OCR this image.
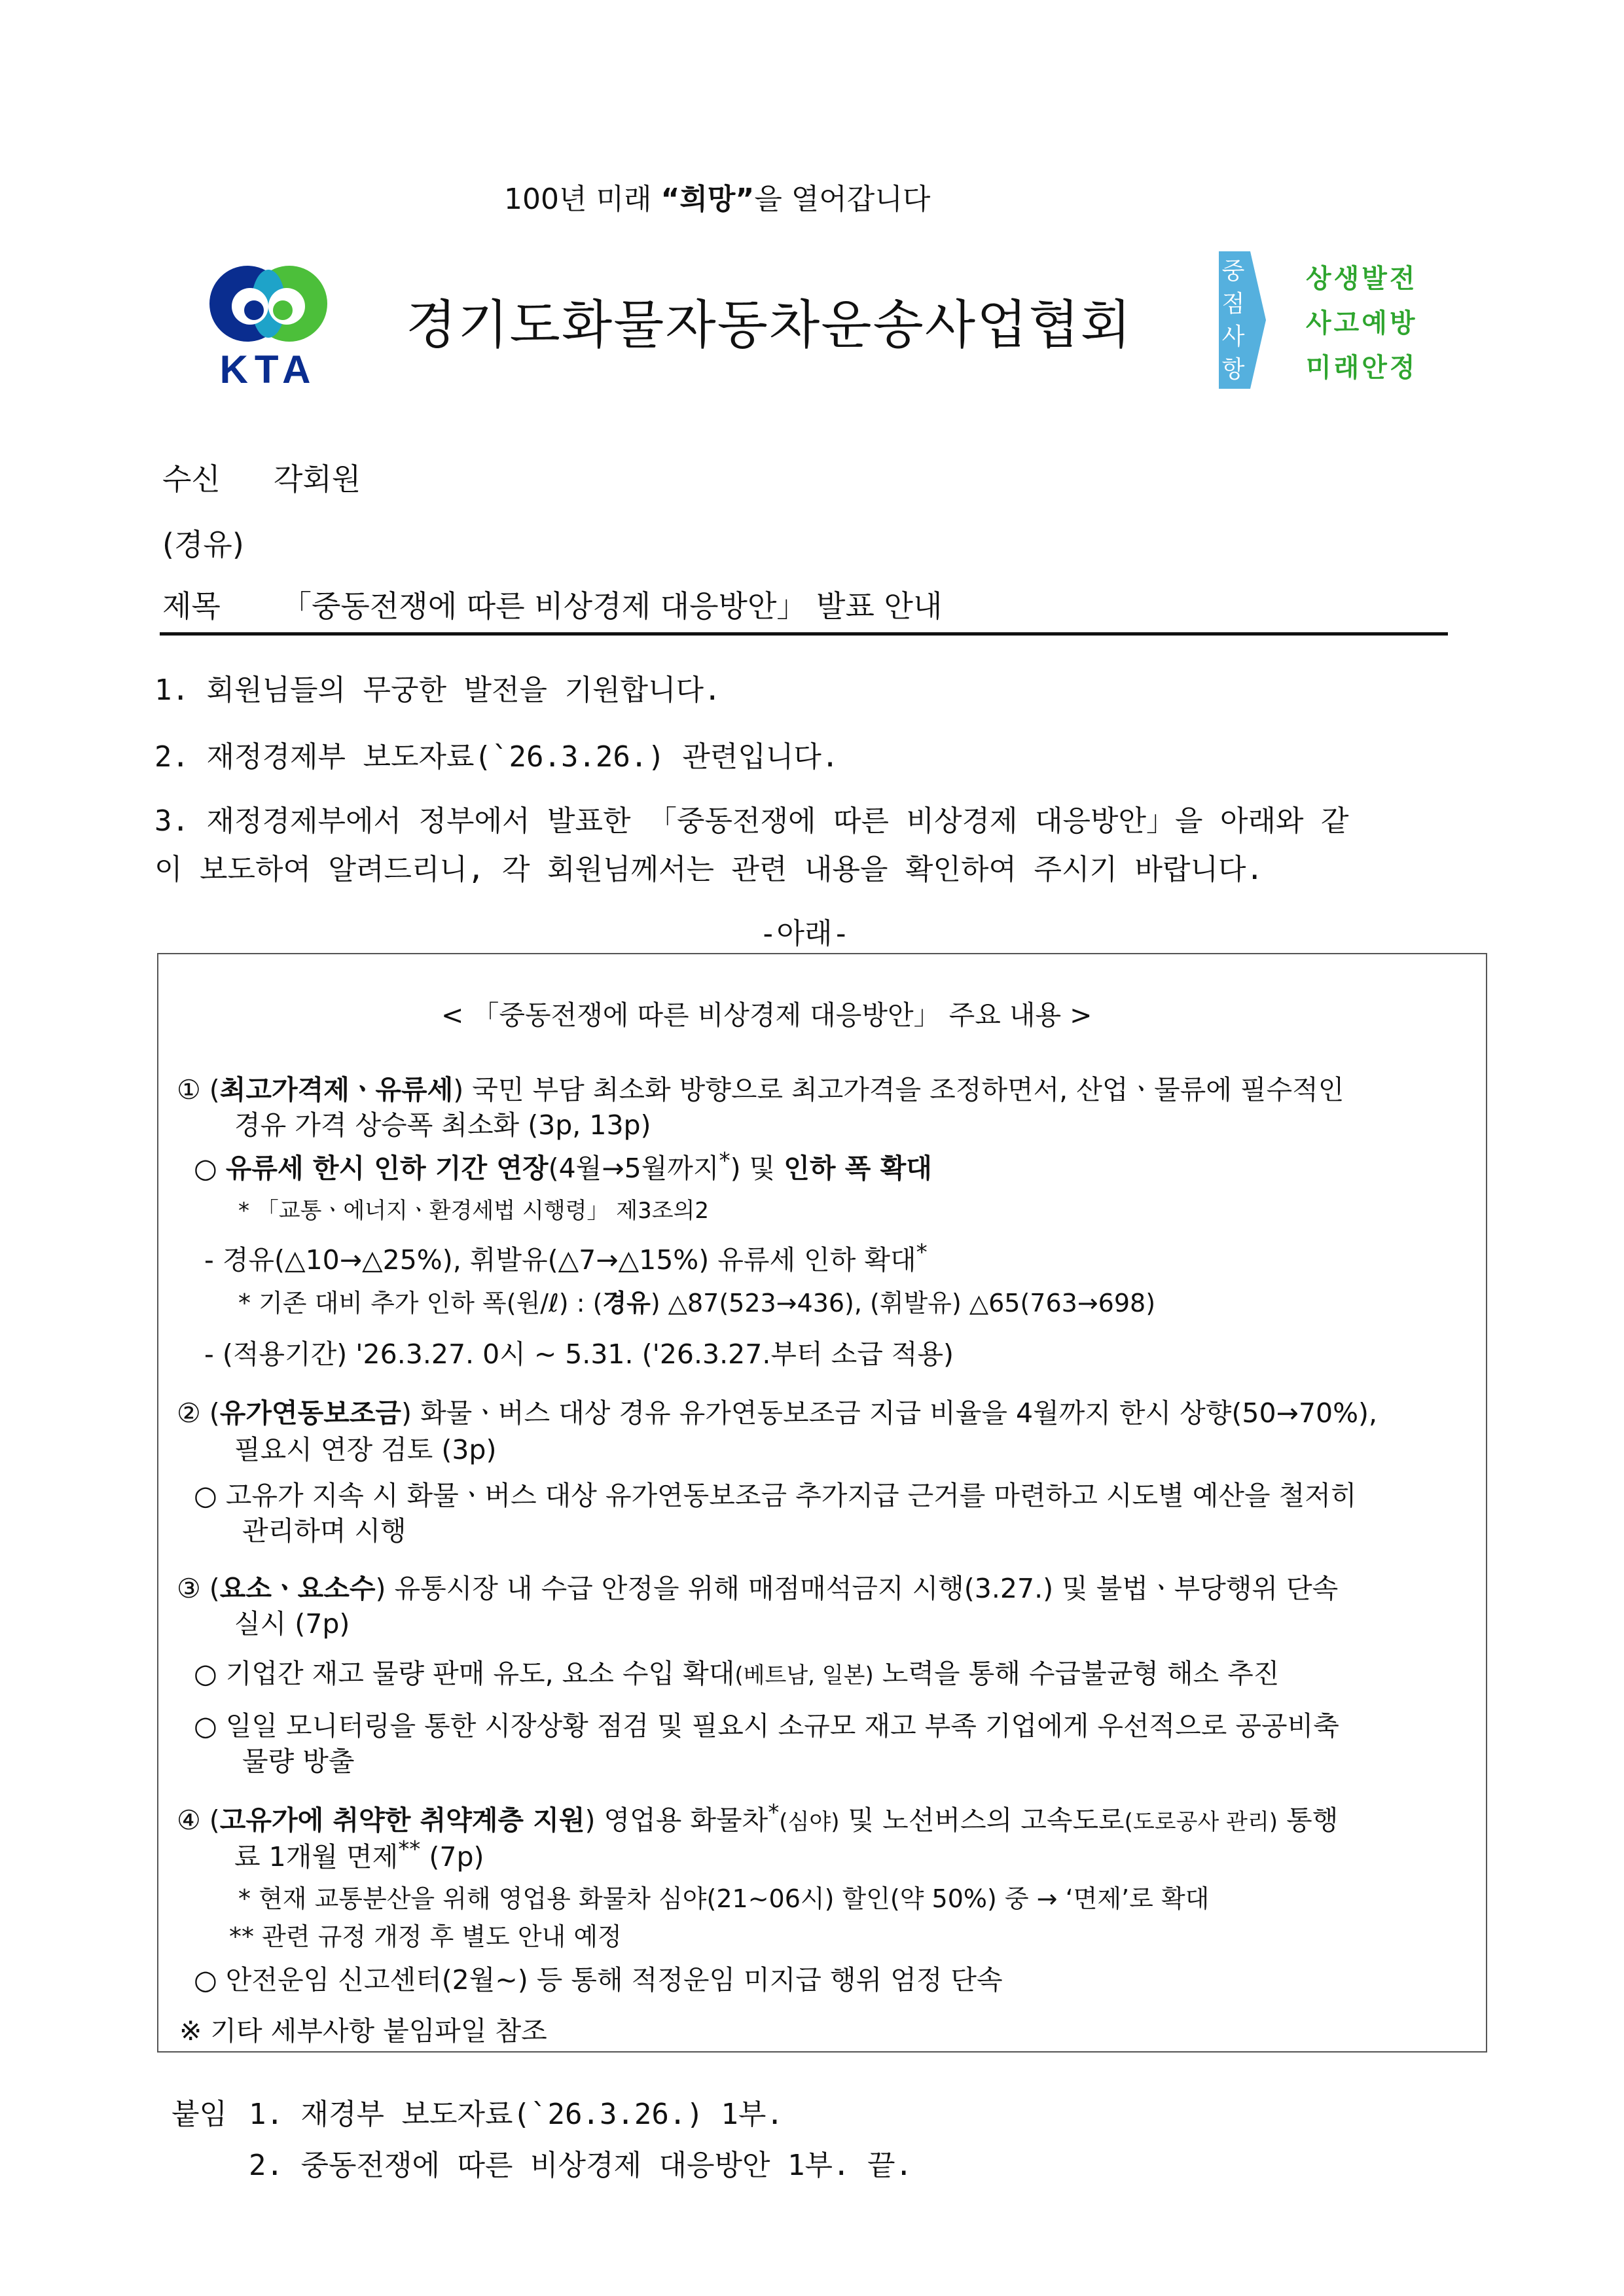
100년 미래 “희망”을 열어갑니다
KTA
경기도화물자동차운송사업협회
중
점
사
항
상생발전
사고예방
미래안정
수신 각회원
(경유)
제목 「중동전쟁에 따른 비상경제 대응방안」 발표 안내
1. 회원님들의 무궁한 발전을 기원합니다.
2. 재정경제부 보도자료(`26.3.26.) 관련입니다.
3. 재정경제부에서 정부에서 발표한 「중동전쟁에 따른 비상경제 대응방안」을 아래와 같
이 보도하여 알려드리니, 각 회원님께서는 관련 내용을 확인하여 주시기 바랍니다.
-아래-
< 「중동전쟁에 따른 비상경제 대응방안」 주요 내용 >
① (최고가격제ㆍ유류세) 국민 부담 최소화 방향으로 최고가격을 조정하면서, 산업ㆍ물류에 필수적인
경유 가격 상승폭 최소화 (3p, 13p)
○ 유류세 한시 인하 기간 연장(4월→5월까지*) 및 인하 폭 확대
* 「교통ㆍ에너지ㆍ환경세법 시행령」 제3조의2
- 경유(△10→△25%), 휘발유(△7→△15%) 유류세 인하 확대*
* 기존 대비 추가 인하 폭(원/ℓ) : (경유) △87(523→436), (휘발유) △65(763→698)
- (적용기간) '26.3.27. 0시 ~ 5.31. ('26.3.27.부터 소급 적용)
② (유가연동보조금) 화물ㆍ버스 대상 경유 유가연동보조금 지급 비율을 4월까지 한시 상향(50→70%),
필요시 연장 검토 (3p)
○ 고유가 지속 시 화물ㆍ버스 대상 유가연동보조금 추가지급 근거를 마련하고 시도별 예산을 철저히
관리하며 시행
③ (요소ㆍ요소수) 유통시장 내 수급 안정을 위해 매점매석금지 시행(3.27.) 및 불법ㆍ부당행위 단속
실시 (7p)
○ 기업간 재고 물량 판매 유도, 요소 수입 확대(베트남, 일본) 노력을 통해 수급불균형 해소 추진
○ 일일 모니터링을 통한 시장상황 점검 및 필요시 소규모 재고 부족 기업에게 우선적으로 공공비축
물량 방출
④ (고유가에 취약한 취약계층 지원) 영업용 화물차*(심야) 및 노선버스의 고속도로(도로공사 관리) 통행
료 1개월 면제** (7p)
* 현재 교통분산을 위해 영업용 화물차 심야(21~06시) 할인(약 50%) 중 → ‘면제’로 확대
** 관련 규정 개정 후 별도 안내 예정
○ 안전운임 신고센터(2월~) 등 통해 적정운임 미지급 행위 엄정 단속
※ 기타 세부사항 붙임파일 참조
붙임 1. 재경부 보도자료(`26.3.26.) 1부.
2. 중동전쟁에 따른 비상경제 대응방안 1부. 끝.
